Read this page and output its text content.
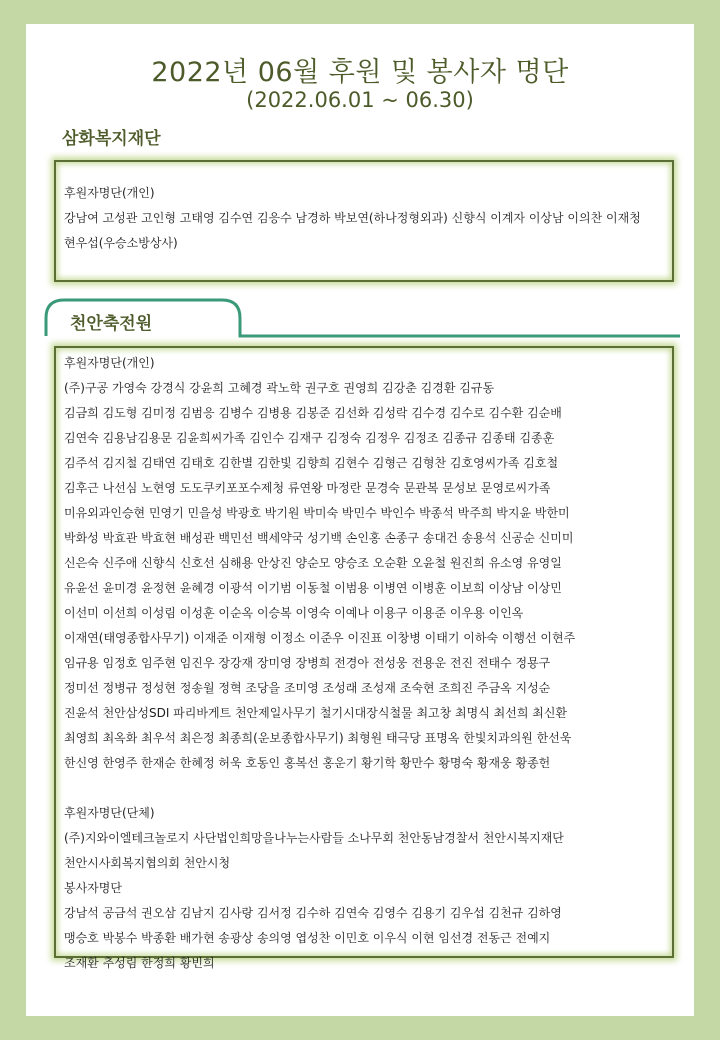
2022년 06월 후원 및 봉사자 명단
(2022.06.01 ~ 06.30)
삼화복지재단
후원자명단(개인)
강남여 고성관 고인형 고태영 김수연 김응수 남경하 박보연(하나정형외과) 신향식 이계자 이상남 이의찬 이재청 현우섭(우승소방상사)
천안축전원
후원자명단(개인)
(주)구공 가영숙 강경식 강윤희 고혜경 곽노학 권구호 권영희 김강춘 김경환 김규동
김금희 김도형 김미정 김범응 김병수 김병용 김봉준 김선화 김성락 김수경 김수로 김수환 김순배
김연숙 김용남김용문 김윤희씨가족 김인수 김재구 김정숙 김정우 김정조 김종규 김종태 김종훈
김주석 김지철 김태연 김태호 김한별 김한빛 김향희 김현수 김형근 김형찬 김호영씨가족 김호철
김후근 나선심 노현영 도도쿠키포포수제청 류연왕 마정란 문경숙 문관복 문성보 문영로씨가족
미유외과인승현 민영기 민을성 박광호 박기원 박미숙 박민수 박인수 박종석 박주희 박지윤 박한미
박화성 박효관 박효현 배성관 백민선 백세약국 성기백 손인홍 손종구 송대건 송용석 신공순 신미미
신은숙 신주애 신향식 신호선 심해용 안상진 양순모 양승조 오순환 오윤철 원진희 유소영 유영일
유윤선 윤미경 윤정현 윤혜경 이광석 이기범 이동철 이범용 이병연 이병훈 이보희 이상남 이상민
이선미 이선희 이성림 이성훈 이순옥 이승복 이영숙 이예나 이용구 이용준 이우용 이인옥
이재연(태영종합사무기) 이재준 이재형 이정소 이준우 이진표 이창병 이태기 이하숙 이행선 이현주
임규용 임정호 임주현 임진우 장강재 장미영 장병희 전경아 전성웅 전용운 전진 전태수 정묭구
정미선 정병규 정성현 정송월 정혁 조당을 조미영 조성래 조성재 조숙현 조희진 주금옥 지성순
진윤석 천안삼성SDI 파리바게트 천안제일사무기 철기시대장식철물 최고창 최명식 최선희 최신환
최영희 최옥화 최우석 최은정 최종희(운보종합사무기) 최형원 태극당 표명옥 한빛치과의원 한선욱
한신영 한영주 한재순 한혜정 허욱 호동인 홍복선 홍운기 황기학 황만수 황명숙 황재웅 황종헌
후원자명단(단체)
(주)지와이엘테크놀로지 사단법인희망을나누는사람들 소나무회 천안동남경찰서 천안시복지재단
천안시사회복지협의회 천안시청
봉사자명단
강남석 공금석 권오삼 김남지 김사랑 김서정 김수하 김연숙 김영수 김용기 김우섭 김천규 김하영
맹승호 박봉수 박종환 배가현 송광상 송의영 엽성찬 이민호 이우식 이현 임선경 전동근 전예지
조재환 추성림 한정희 황빈희
